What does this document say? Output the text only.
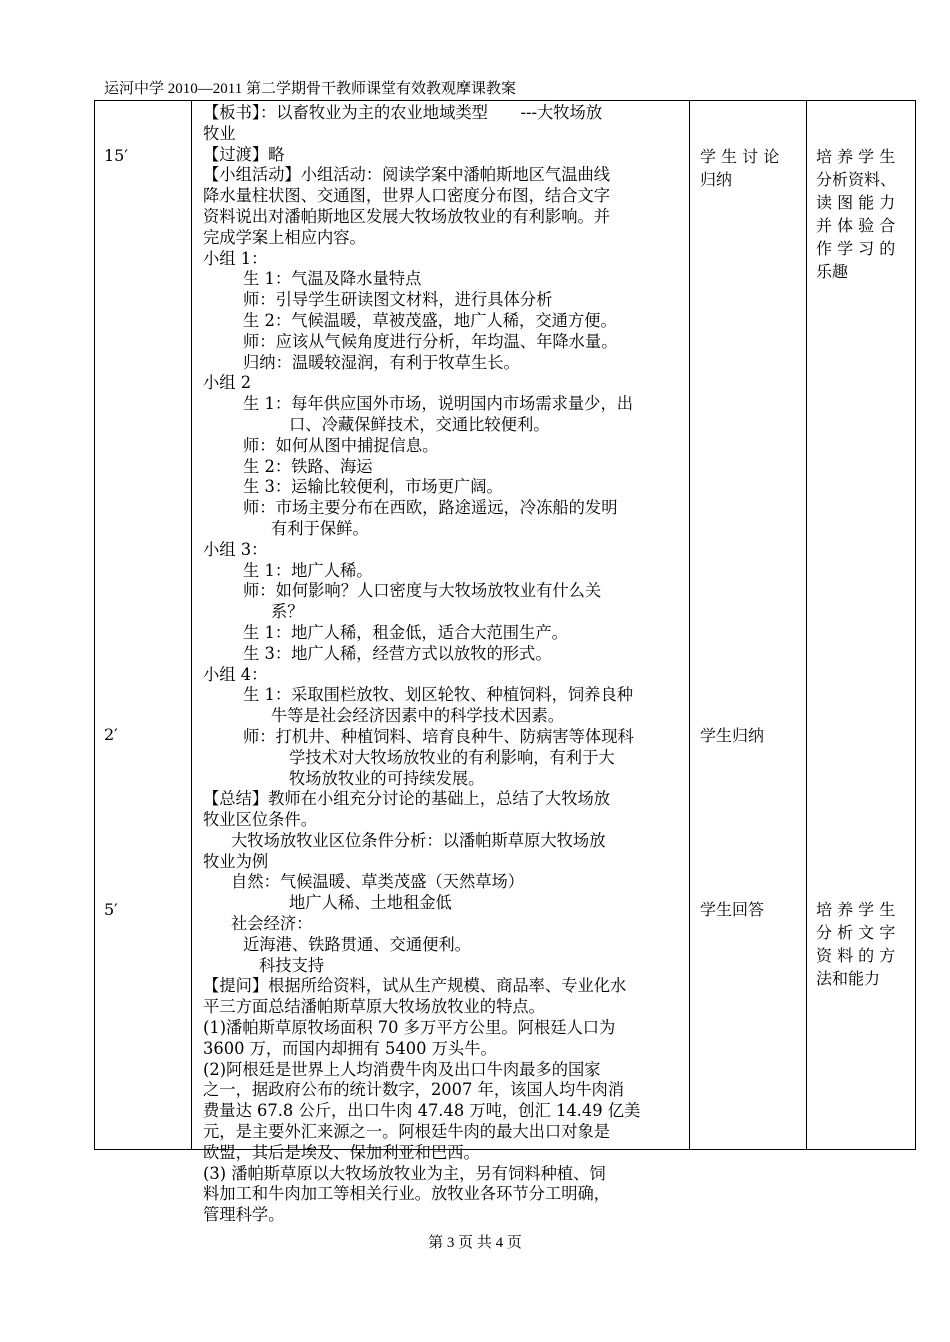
运河中学 2010—2011 第二学期骨干教师课堂有效教观摩课教案
15′
2′
5′

【板书】：以畜牧业为主的农业地域类型　　---大牧场放

牧业

【过渡】略

【小组活动】小组活动：阅读学案中潘帕斯地区气温曲线

降水量柱状图、交通图，世界人口密度分布图，结合文字

资料说出对潘帕斯地区发展大牧场放牧业的有利影响。并

完成学案上相应内容。

小组 1：

生 1：气温及降水量特点

师：引导学生研读图文材料，进行具体分析

生 2：气候温暖，草被茂盛，地广人稀，交通方便。

师：应该从气候角度进行分析，年均温、年降水量。

归纳：温暖较湿润，有利于牧草生长。

小组 2

生 1：每年供应国外市场，说明国内市场需求量少，出

口、冷藏保鲜技术，交通比较便利。

师：如何从图中捕捉信息。

生 2：铁路、海运

生 3：运输比较便利，市场更广阔。

师：市场主要分布在西欧，路途遥远，冷冻船的发明

有利于保鲜。

小组 3：

生 1：地广人稀。

师：如何影响？人口密度与大牧场放牧业有什么关

系？

生 1：地广人稀，租金低，适合大范围生产。

生 3：地广人稀，经营方式以放牧的形式。

小组 4：

生 1：采取围栏放牧、划区轮牧、种植饲料，饲养良种

牛等是社会经济因素中的科学技术因素。

师：打机井、种植饲料、培育良种牛、防病害等体现科

学技术对大牧场放牧业的有利影响，有利于大

牧场放牧业的可持续发展。

【总结】教师在小组充分讨论的基础上，总结了大牧场放

牧业区位条件。

大牧场放牧业区位条件分析：以潘帕斯草原大牧场放

牧业为例

自然：气候温暖、草类茂盛（天然草场）

地广人稀、土地租金低

社会经济：

近海港、铁路贯通、交通便利。

科技支持

【提问】根据所给资料，试从生产规模、商品率、专业化水

平三方面总结潘帕斯草原大牧场放牧业的特点。

(1)潘帕斯草原牧场面积 70 多万平方公里。阿根廷人口为

3600 万，而国内却拥有 5400 万头牛。

(2)阿根廷是世界上人均消费牛肉及出口牛肉最多的国家

之一，据政府公布的统计数字，2007 年，该国人均牛肉消

费量达 67.8 公斤，出口牛肉 47.48 万吨，创汇 14.49 亿美

元，是主要外汇来源之一。阿根廷牛肉的最大出口对象是

欧盟，其后是埃及、保加利亚和巴西。

(3) 潘帕斯草原以大牧场放牧业为主，另有饲料种植、饲

料加工和牛肉加工等相关行业。放牧业各环节分工明确，

管理科学。

学 生 讨 论
归纳
学生归纳
学生回答
培 养 学 生
分析资料、
读 图 能 力
并 体 验 合
作 学 习 的
乐趣
培 养 学 生
分 析 文 字
资 料 的 方
法和能力
第 3 页 共 4 页
